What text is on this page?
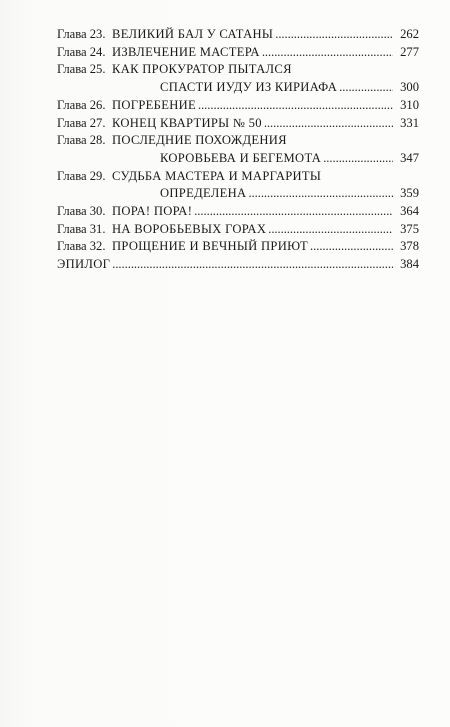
Глава 23. ВЕЛИКИЙ БАЛ У САТАНЫ . . .	262
Глава 24. ИЗВЛЕЧЕНИЕ МАСТЕРА . . .	277
Глава 25. КАК ПРОКУРАТОР ПЫТАЛСЯ
СПАСТИ ИУДУ ИЗ КИРИАФА . . .	300
Глава 26. ПОГРЕБЕНИЕ . . .	310
Глава 27. КОНЕЦ КВАРТИРЫ № 50 . . .	331
Глава 28. ПОСЛЕДНИЕ ПОХОЖДЕНИЯ
КОРОВЬЕВА И БЕГЕМОТА . . .	347
Глава 29. СУДЬБА МАСТЕРА И МАРГАРИТЫ
ОПРЕДЕЛЕНА . . .	359
Глава 30. ПОРА! ПОРА! . . .	364
Глава 31. НА ВОРОБЬЕВЫХ ГОРАХ . . .	375
Глава 32. ПРОЩЕНИЕ И ВЕЧНЫЙ ПРИЮТ . . .	378
ЭПИЛОГ . . .	384
